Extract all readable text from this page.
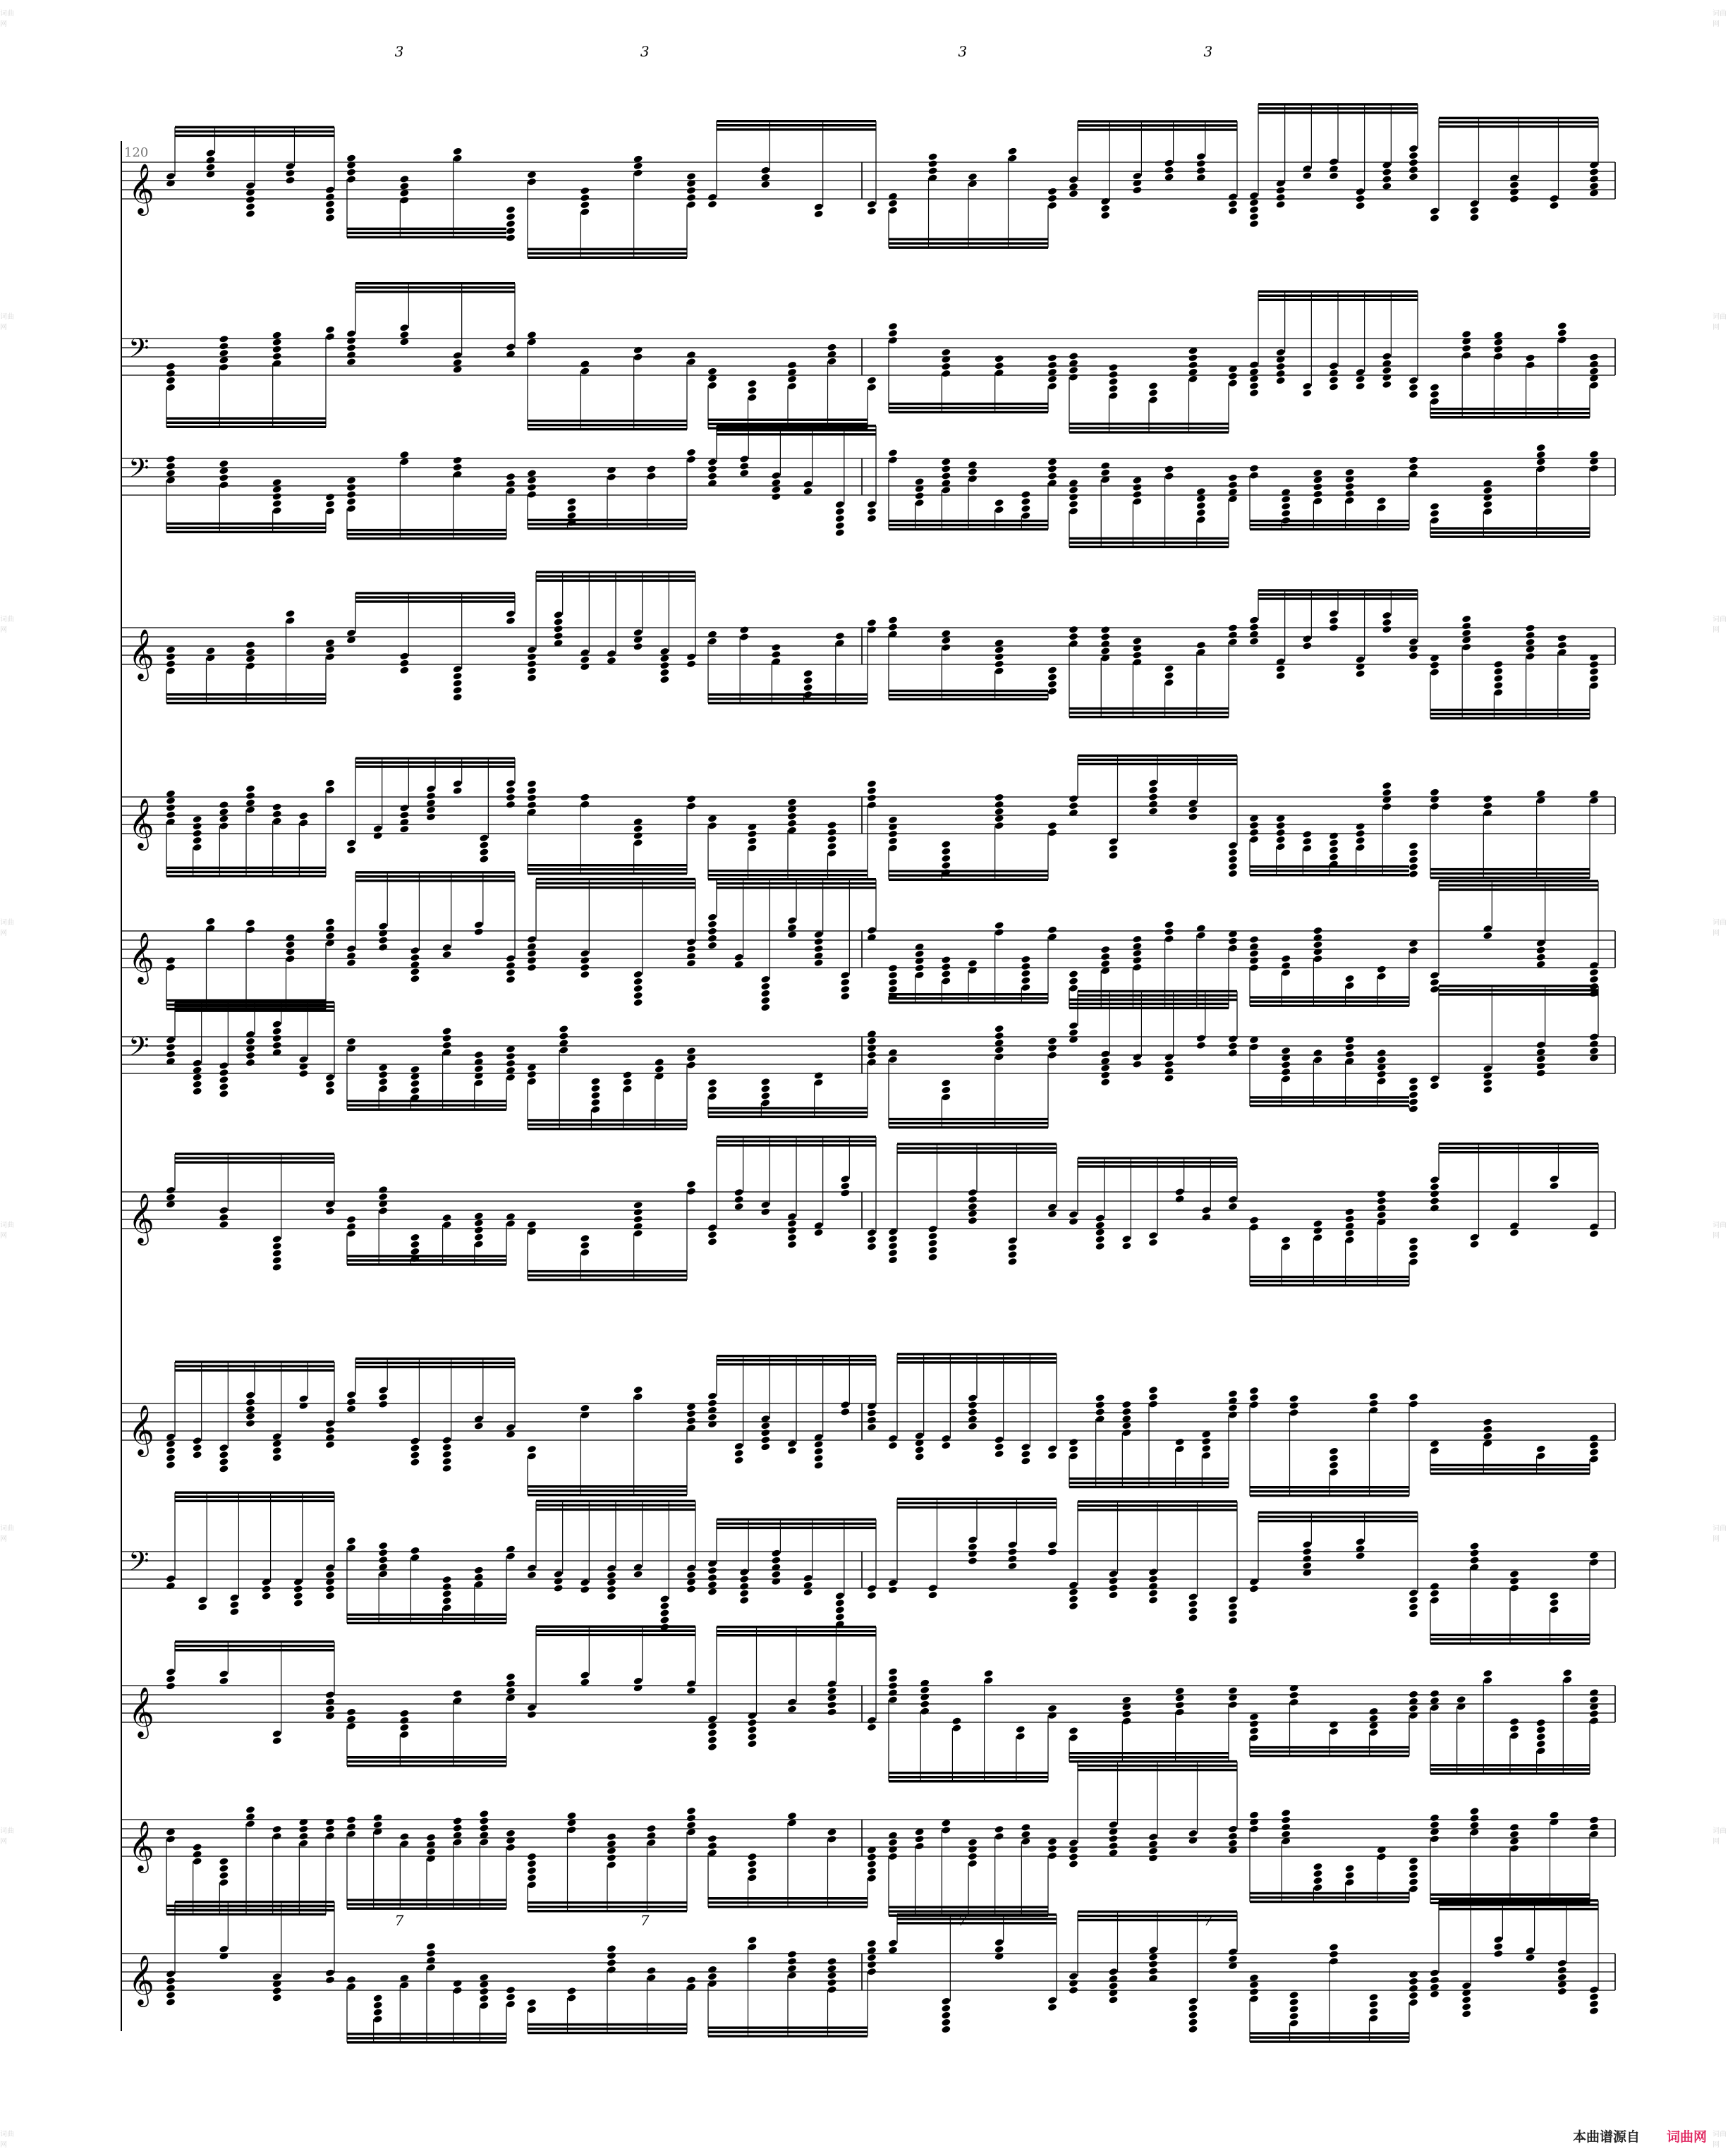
词曲网
词曲网
词曲网
词曲网
词曲网
词曲网
词曲网
词曲网
词曲网
词曲网
词曲网
词曲网
词曲网
词曲网
词曲网
词曲网
𝄞
3	3	3	3
𝄢
𝄢
𝄞
𝄞
𝄞
𝄢
𝄞
𝄞
𝄢
𝄞
𝄞
𝄞
7	7	7	7
120
本曲谱源自 词曲网
